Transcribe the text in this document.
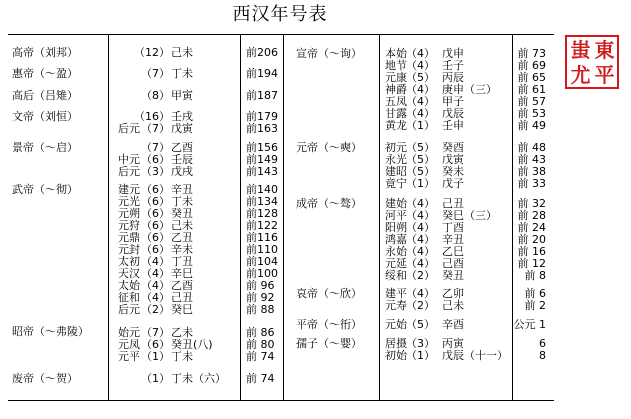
西汉年号表
高帝（刘邦）	（12） 己未	前206
惠帝（～盈）	（7） 丁未	前194
高后（吕雉）	（8） 甲寅	前187
文帝（刘恒）	（16） 壬戌	前179
后元 （7） 戊寅	前163
景帝（～启）	（7） 乙酉	前156
中元 （6） 壬辰	前149
后元 （3） 戊戌	前143
武帝（～彻）	建元 （6） 辛丑	前140
元光 （6） 丁未	前134
元朔 （6） 癸丑	前128
元狩 （6） 己未	前122
元鼎 （6） 乙丑	前116
元封 （6） 辛未	前110
太初 （4） 丁丑	前104
天汉 （4） 辛巳	前100
太始 （4） 乙酉	前 96
征和 （4） 己丑	前 92
后元 （2） 癸巳	前 88
昭帝（～弗陵）	始元 （7） 乙未	前 86
元凤 （6） 癸丑(八)	前 80
元平 （1） 丁未	前 74
废帝（～贺）	（1） 丁未（六） 前 74
宣帝（～询） 本始 （4） 戊申	前 73
地节 （4） 壬子	前 69
元康 （5） 丙辰	前 65
神爵 （4） 庚申（三） 前 61
五凤 （4） 甲子	前 57
甘露 （4） 戊辰	前 53
黄龙 （1） 壬申	前 49
元帝（～奭） 初元 （5） 癸酉	前 48
永光 （5） 戊寅	前 43
建昭 （5） 癸未	前 38
竟宁 （1） 戊子	前 33
成帝（～骜） 建始 （4） 己丑	前 32
河平 （4） 癸巳（三） 前 28
阳朔 （4） 丁酉	前 24
鸿嘉 （4） 辛丑	前 20
永始 （4） 乙巳	前 16
元延 （4） 己酉	前 12
绥和 （2） 癸丑	前 8
哀帝（～欣） 建平 （4） 乙卯	前 6
元寿 （2） 己未	前 2
平帝（～衎） 元始 （5） 辛酉	公元 1
孺子（～婴） 居摄 （3） 丙寅	6
初始 （1） 戊辰（十一）	8
東
平
蚩
尤
